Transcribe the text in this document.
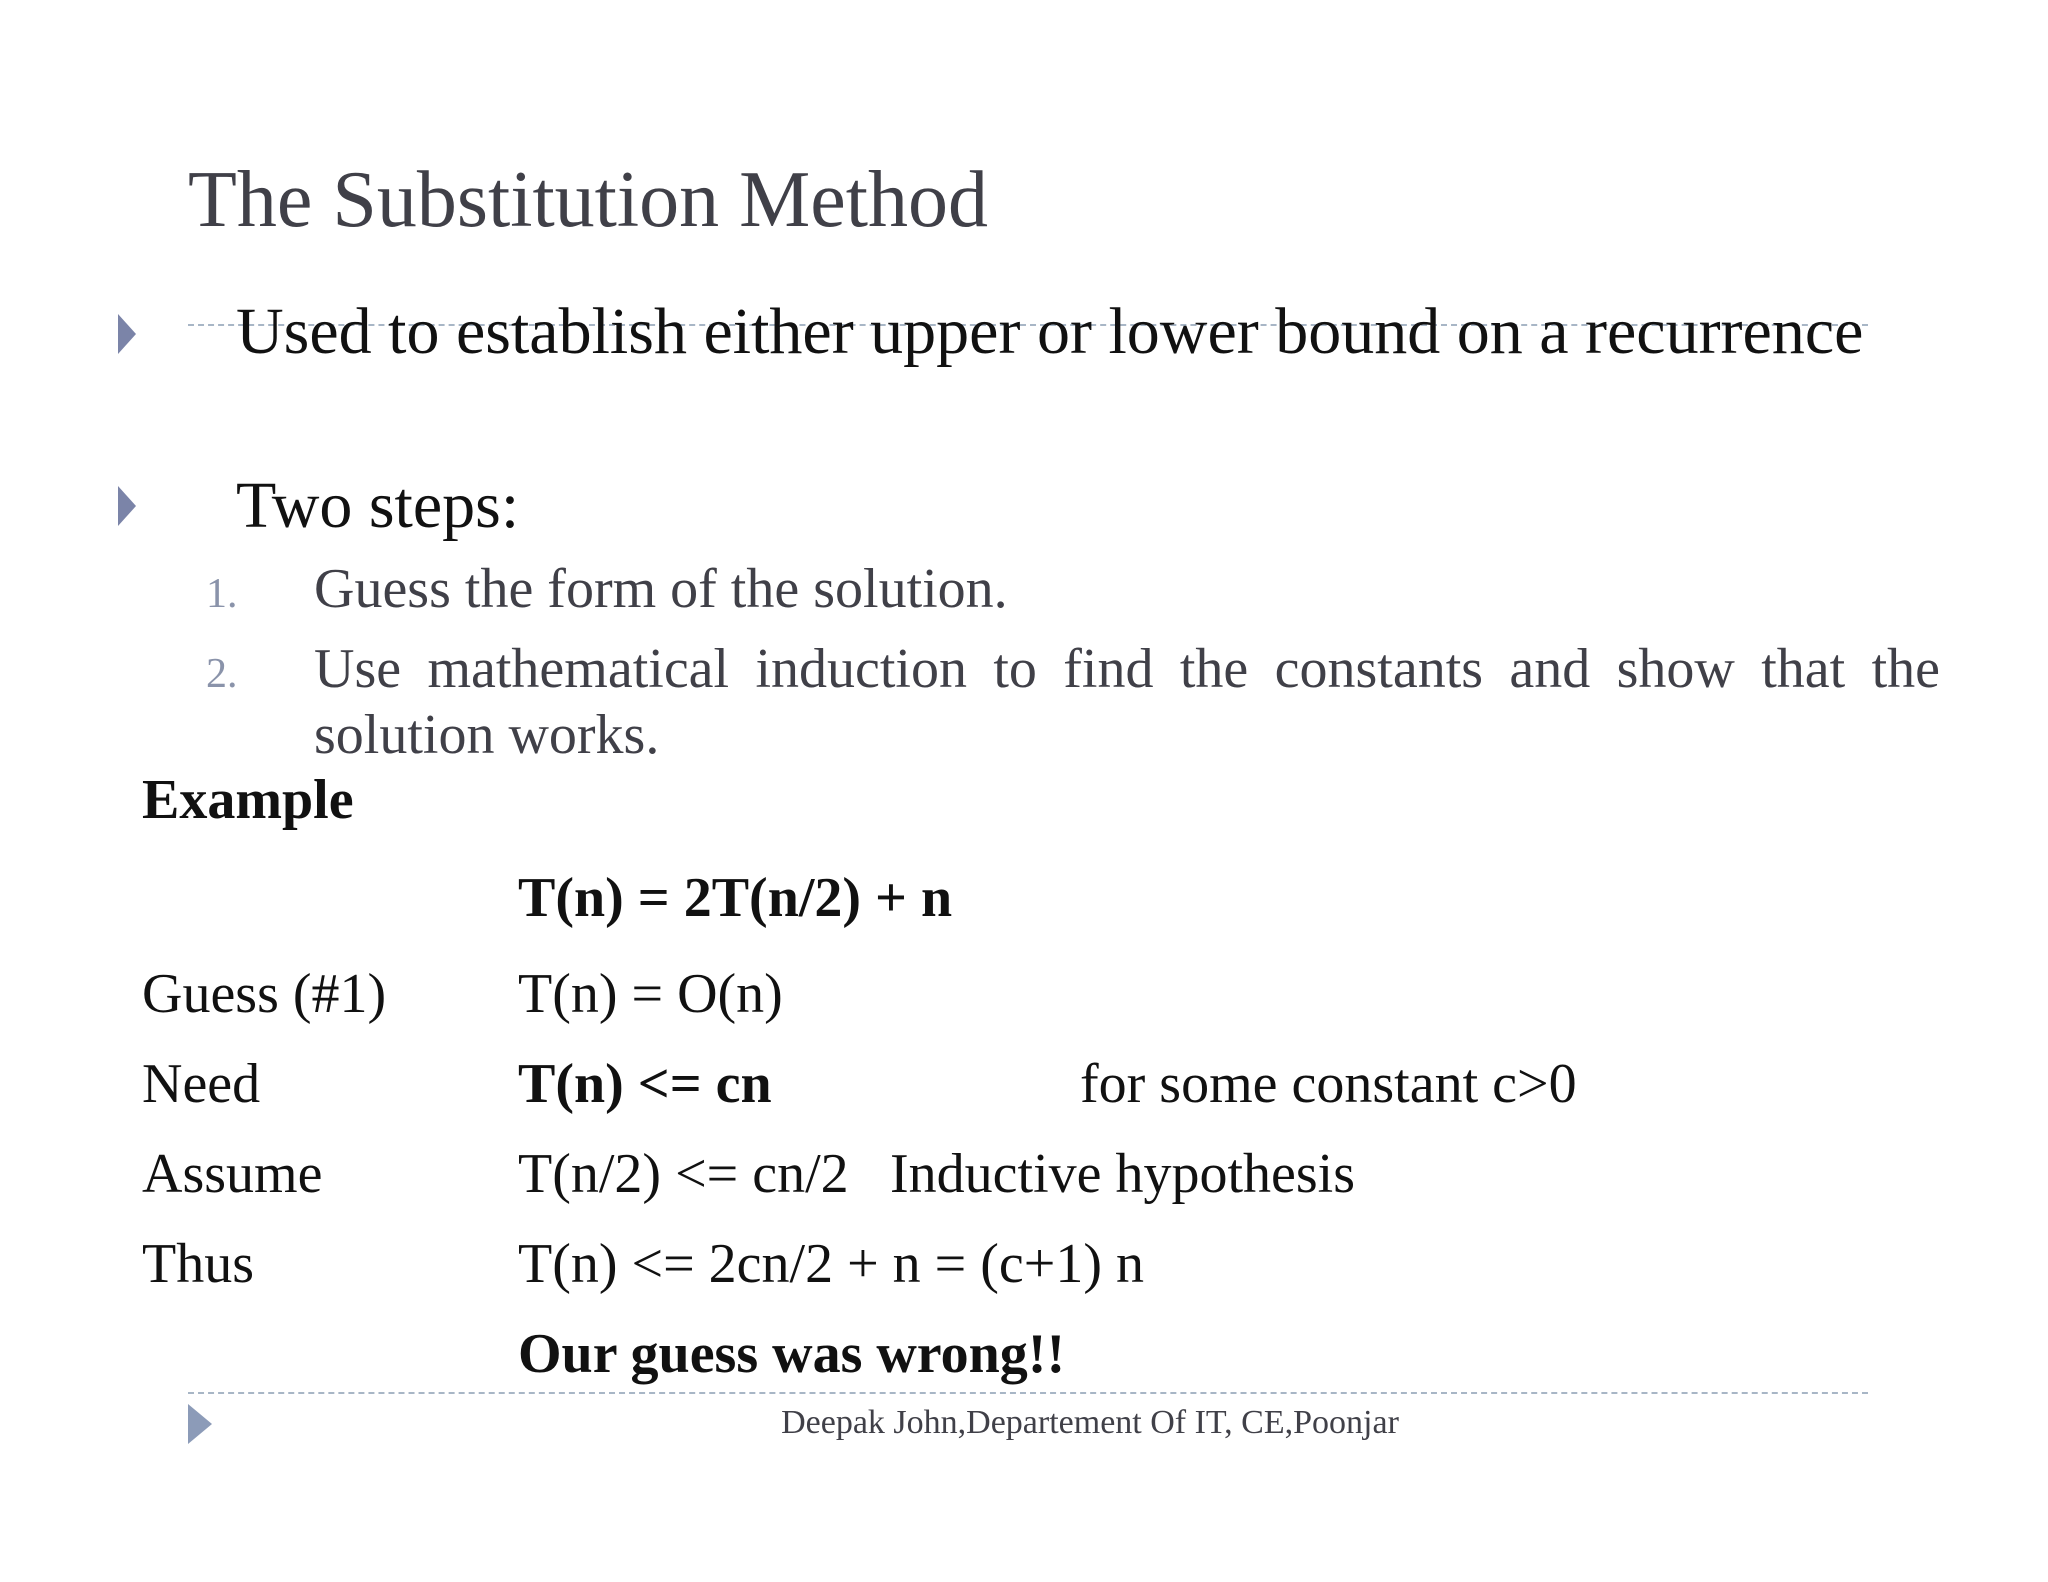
The Substitution Method
Used to establish either upper or lower bound on a recurrence
Two steps:
1. Guess the form of the solution.
2. Use mathematical induction to find the constants and show that the solution works.
Example
T(n) = 2T(n/2) + n
Guess (#1) T(n) = O(n)
Need	T(n) <= cn	for some constant c>0
Assume	T(n/2) <= cn/2 Inductive hypothesis
Thus	T(n) <= 2cn/2 + n = (c+1) n
Our guess was wrong!!
Deepak John,Departement Of IT, CE,Poonjar
